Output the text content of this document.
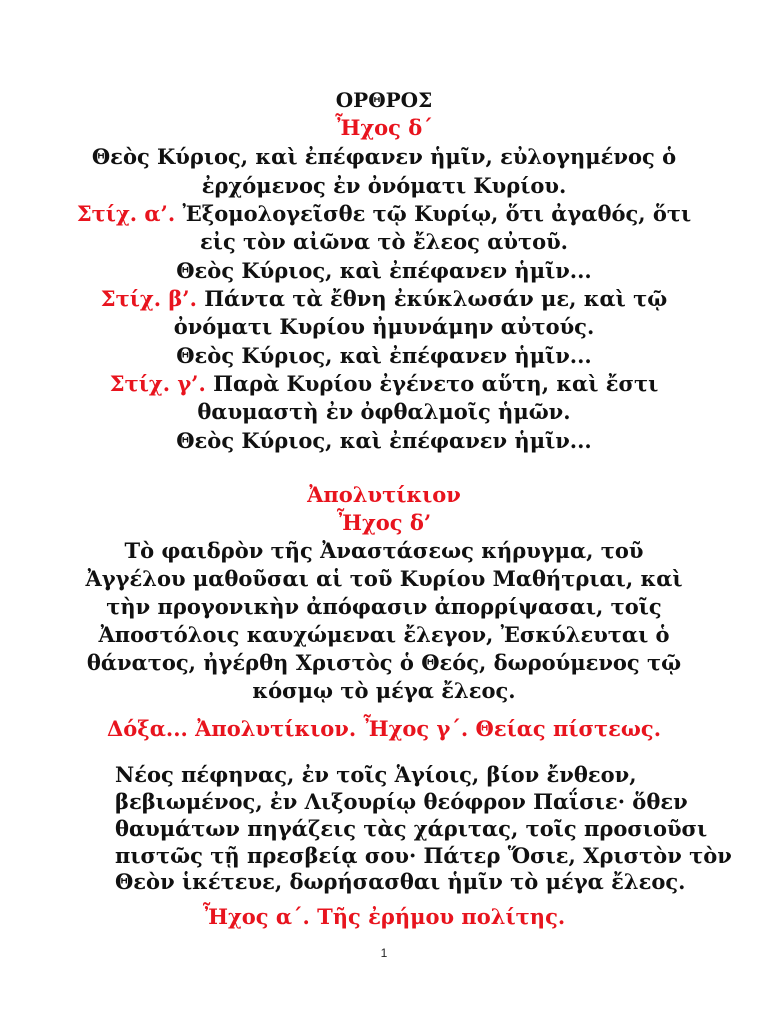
ΟΡΘΡΟΣ
Ἦχος δ΄
Θεὸς Κύριος, καὶ ἐπέφανεν ἡμῖν, εὐλογημένος ὁ
ἐρχόμενος ἐν ὀνόματι Κυρίου.
Στίχ. α’. Ἐξομολογεῖσθε τῷ Κυρίῳ, ὅτι ἀγαθός, ὅτι
εἰς τὸν αἰῶνα τὸ ἔλεος αὐτοῦ.
Θεὸς Κύριος, καὶ ἐπέφανεν ἡμῖν...
Στίχ. β’. Πάντα τὰ ἔθνη ἐκύκλωσάν με, καὶ τῷ
ὀνόματι Κυρίου ἠμυνάμην αὐτούς.
Θεὸς Κύριος, καὶ ἐπέφανεν ἡμῖν...
Στίχ. γ’. Παρὰ Κυρίου ἐγένετο αὕτη, καὶ ἔστι
θαυμαστὴ ἐν ὀφθαλμοῖς ἡμῶν.
Θεὸς Κύριος, καὶ ἐπέφανεν ἡμῖν...
Ἀπολυτίκιον
Ἦχος δ’
Τὸ φαιδρὸν τῆς Ἀναστάσεως κήρυγμα, τοῦ
Ἀγγέλου μαθοῦσαι αἱ τοῦ Κυρίου Μαθήτριαι, καὶ
τὴν προγονικὴν ἀπόφασιν ἀπορρίψασαι, τοῖς
Ἀποστόλοις καυχώμεναι ἔλεγον, Ἐσκύλευται ὁ
θάνατος, ἠγέρθη Χριστὸς ὁ Θεός, δωρούμενος τῷ
κόσμῳ τὸ μέγα ἔλεος.
Δόξα... Ἀπολυτίκιον. Ἦχος γ΄. Θείας πίστεως.
Νέος πέφηνας, ἐν τοῖς Ἁγίοις, βίον ἔνθεον,
βεβιωμένος, ἐν Λιξουρίῳ θεόφρον Παΐσιε· ὅθεν
θαυμάτων πηγάζεις τὰς χάριτας, τοῖς προσιοῦσι
πιστῶς τῇ πρεσβείᾳ σου· Πάτερ Ὅσιε, Χριστὸν τὸν
Θεὸν ἱκέτευε, δωρήσασθαι ἡμῖν τὸ μέγα ἔλεος.
Ἦχος α΄. Τῆς ἐρήμου πολίτης.
1
